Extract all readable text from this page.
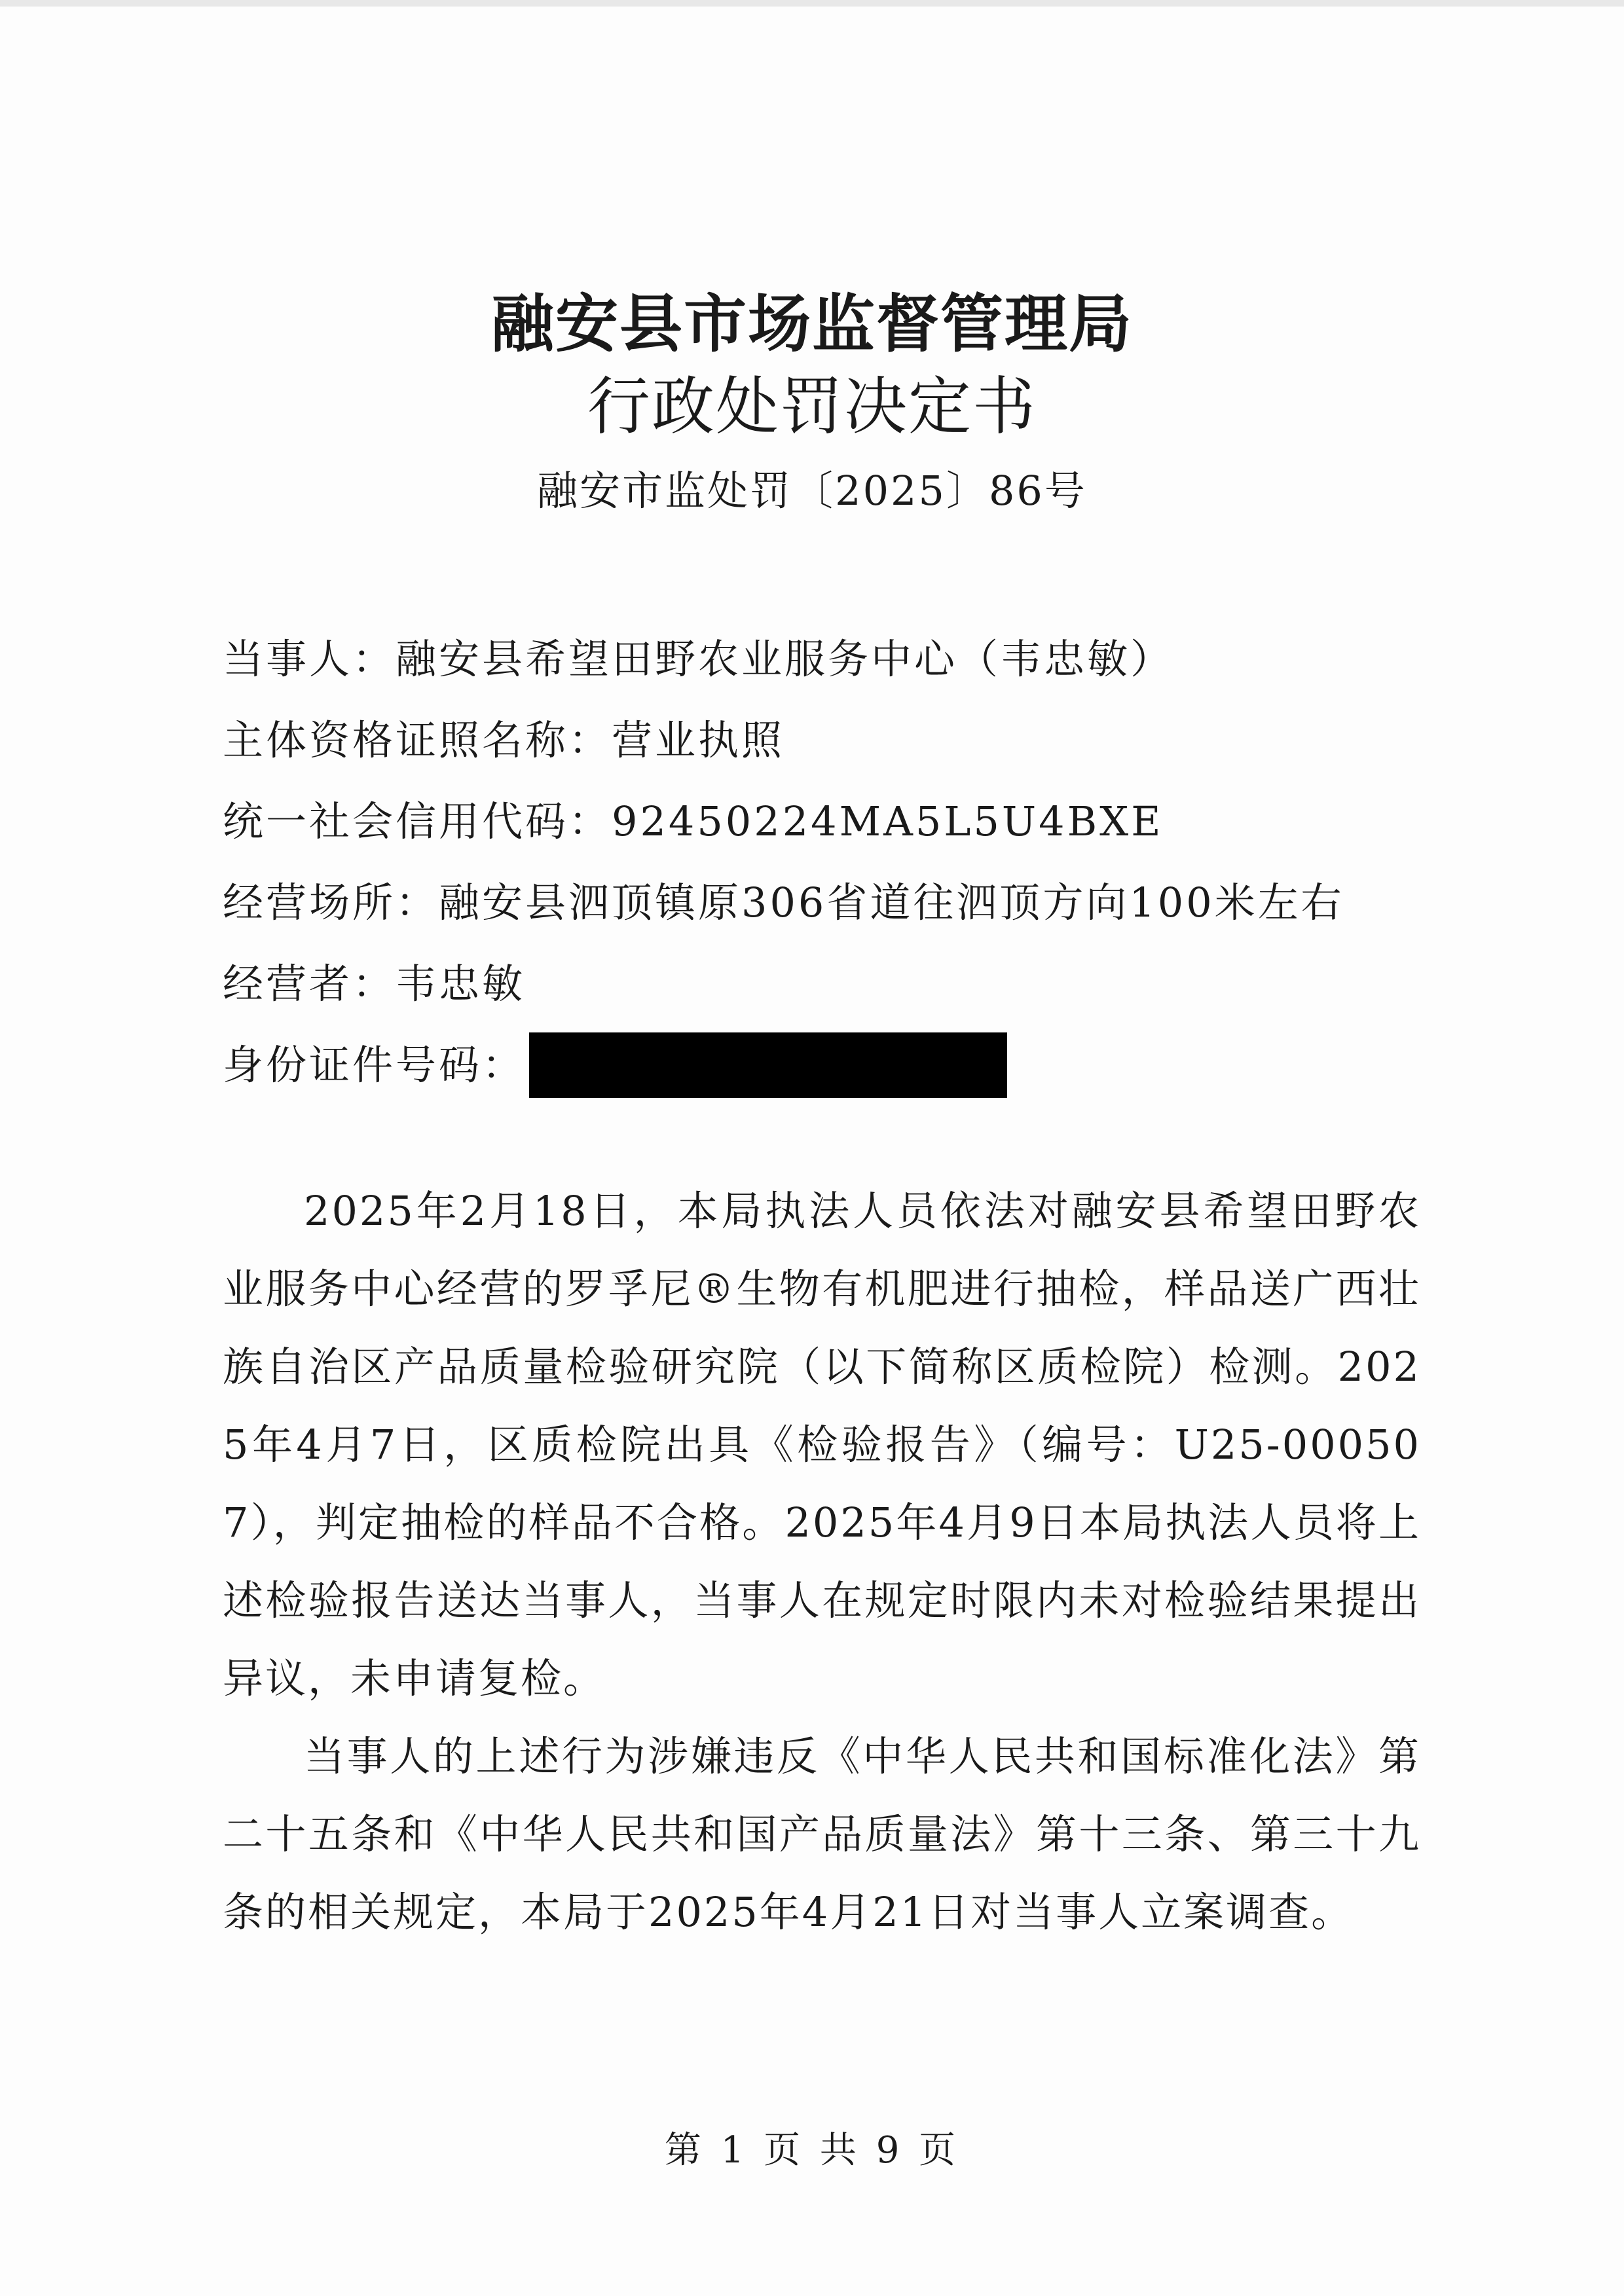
融安县市场监督管理局
行政处罚决定书
融安市监处罚〔2025〕86号
当事人： 融安县希望田野农业服务中心（韦忠敏）
主体资格证照名称： 营业执照
统一社会信用代码： 92450224MA5L5U4BXE
经营场所： 融安县泗顶镇原306省道往泗顶方向100米左右
经营者： 韦忠敏
身份证件号码：

2025年2月18日，本局执法人员依法对融安县希望田野农业服务中心经营的罗孚尼®生物有机肥进行抽检，样品送广西壮族自治区产品质量检验研究院（以下简称区质检院）检测。2025年4月7日，区质检院出具《检验报告》（编号：U25-000507），判定抽检的样品不合格。2025年4月9日本局执法人员将上述检验报告送达当事人，当事人在规定时限内未对检验结果提出异议，未申请复检。

当事人的上述行为涉嫌违反《中华人民共和国标准化法》第二十五条和《中华人民共和国产品质量法》第十三条、第三十九条的相关规定，本局于2025年4月21日对当事人立案调查。

第 1 页 共 9 页
